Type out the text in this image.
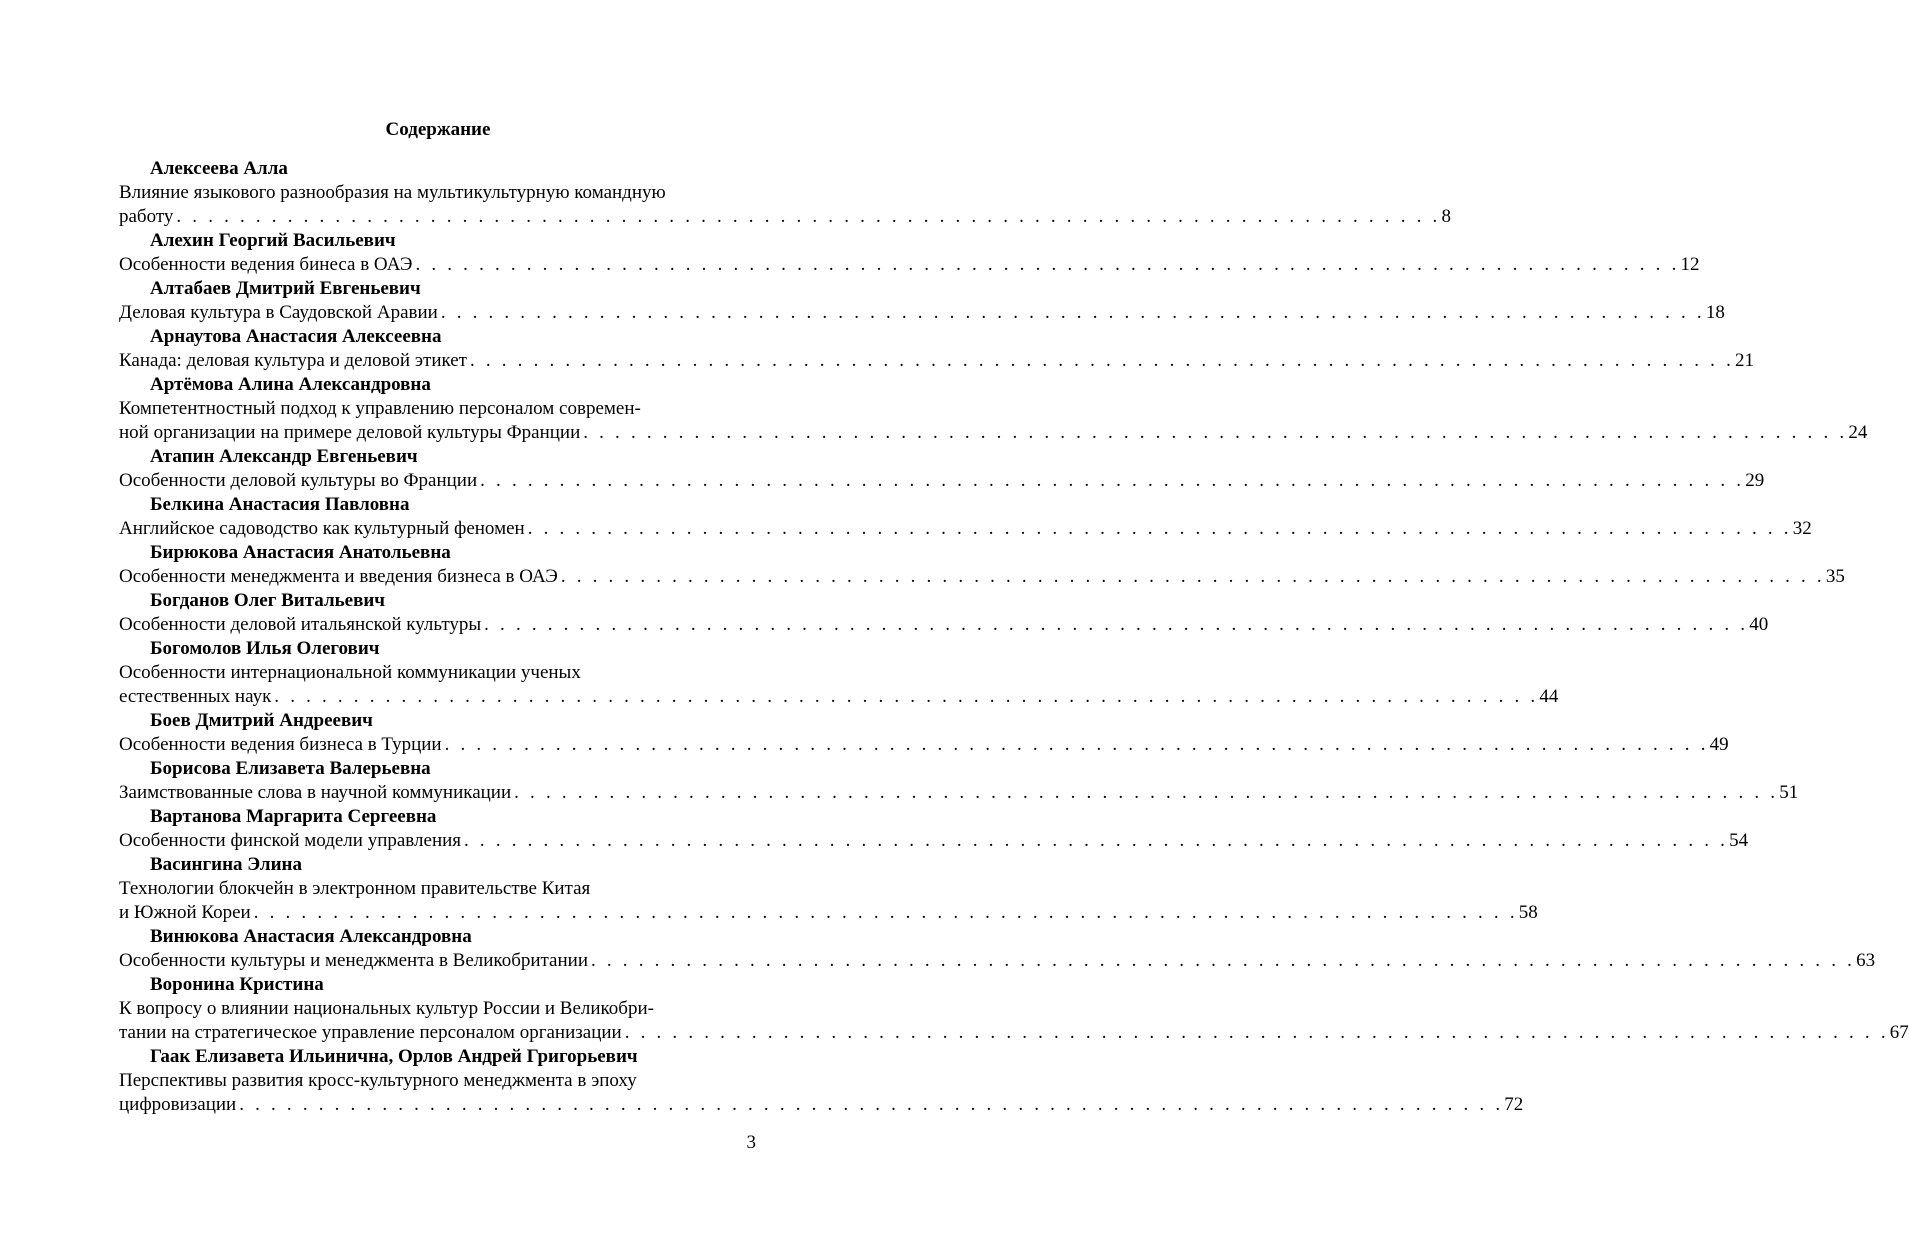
Содержание
Алексеева Алла
Влияние языкового разнообразия на мультикультурную командную
работу . . . . . . . . . . . . . . . . . . . . . . . . . . . . . . . . . . . . . . . . . . . . . . . . . . . . . . . . . . . . . . . . . . . . . . . . . . . . . . . . 8
Алехин Георгий Васильевич
Особенности ведения бинеса в ОАЭ . . . . . . . . . . . . . . . . . . . . . . . . . . . . . . . . . . . . . . . . . . . . . . . . . . . . . . . . . . . . . . . . . . . . . . . . . . . . . . . . 12
Алтабаев Дмитрий Евгеньевич
Деловая культура в Саудовской Аравии . . . . . . . . . . . . . . . . . . . . . . . . . . . . . . . . . . . . . . . . . . . . . . . . . . . . . . . . . . . . . . . . . . . . . . . . . . . . . . . . 18
Арнаутова Анастасия Алексеевна
Канада: деловая культура и деловой этикет . . . . . . . . . . . . . . . . . . . . . . . . . . . . . . . . . . . . . . . . . . . . . . . . . . . . . . . . . . . . . . . . . . . . . . . . . . . . . . . . 21
Артёмова Алина Александровна
Компетентностный подход к управлению персоналом современ-
ной организации на примере деловой культуры Франции . . . . . . . . . . . . . . . . . . . . . . . . . . . . . . . . . . . . . . . . . . . . . . . . . . . . . . . . . . . . . . . . . . . . . . . . . . . . . . . . 24
Атапин Александр Евгеньевич
Особенности деловой культуры во Франции . . . . . . . . . . . . . . . . . . . . . . . . . . . . . . . . . . . . . . . . . . . . . . . . . . . . . . . . . . . . . . . . . . . . . . . . . . . . . . . . 29
Белкина Анастасия Павловна
Английское садоводство как культурный феномен . . . . . . . . . . . . . . . . . . . . . . . . . . . . . . . . . . . . . . . . . . . . . . . . . . . . . . . . . . . . . . . . . . . . . . . . . . . . . . . . 32
Бирюкова Анастасия Анатольевна
Особенности менеджмента и введения бизнеса в ОАЭ . . . . . . . . . . . . . . . . . . . . . . . . . . . . . . . . . . . . . . . . . . . . . . . . . . . . . . . . . . . . . . . . . . . . . . . . . . . . . . . . 35
Богданов Олег Витальевич
Особенности деловой итальянской культуры . . . . . . . . . . . . . . . . . . . . . . . . . . . . . . . . . . . . . . . . . . . . . . . . . . . . . . . . . . . . . . . . . . . . . . . . . . . . . . . . 40
Богомолов Илья Олегович
Особенности интернациональной коммуникации ученых
естественных наук . . . . . . . . . . . . . . . . . . . . . . . . . . . . . . . . . . . . . . . . . . . . . . . . . . . . . . . . . . . . . . . . . . . . . . . . . . . . . . . . 44
Боев Дмитрий Андреевич
Особенности ведения бизнеса в Турции . . . . . . . . . . . . . . . . . . . . . . . . . . . . . . . . . . . . . . . . . . . . . . . . . . . . . . . . . . . . . . . . . . . . . . . . . . . . . . . . 49
Борисова Елизавета Валерьевна
Заимствованные слова в научной коммуникации . . . . . . . . . . . . . . . . . . . . . . . . . . . . . . . . . . . . . . . . . . . . . . . . . . . . . . . . . . . . . . . . . . . . . . . . . . . . . . . . 51
Вартанова Маргарита Сергеевна
Особенности финской модели управления . . . . . . . . . . . . . . . . . . . . . . . . . . . . . . . . . . . . . . . . . . . . . . . . . . . . . . . . . . . . . . . . . . . . . . . . . . . . . . . . 54
Васингина Элина
Технологии блокчейн в электронном правительстве Китая
и Южной Кореи . . . . . . . . . . . . . . . . . . . . . . . . . . . . . . . . . . . . . . . . . . . . . . . . . . . . . . . . . . . . . . . . . . . . . . . . . . . . . . . . 58
Винюкова Анастасия Александровна
Особенности культуры и менеджмента в Великобритании . . . . . . . . . . . . . . . . . . . . . . . . . . . . . . . . . . . . . . . . . . . . . . . . . . . . . . . . . . . . . . . . . . . . . . . . . . . . . . . . 63
Воронина Кристина
К вопросу о влиянии национальных культур России и Великобри-
тании на стратегическое управление персоналом организации . . . . . . . . . . . . . . . . . . . . . . . . . . . . . . . . . . . . . . . . . . . . . . . . . . . . . . . . . . . . . . . . . . . . . . . . . . . . . . . . 67
Гаак Елизавета Ильинична, Орлов Андрей Григорьевич
Перспективы развития кросс-культурного менеджмента в эпоху
цифровизации . . . . . . . . . . . . . . . . . . . . . . . . . . . . . . . . . . . . . . . . . . . . . . . . . . . . . . . . . . . . . . . . . . . . . . . . . . . . . . . . 72
3
